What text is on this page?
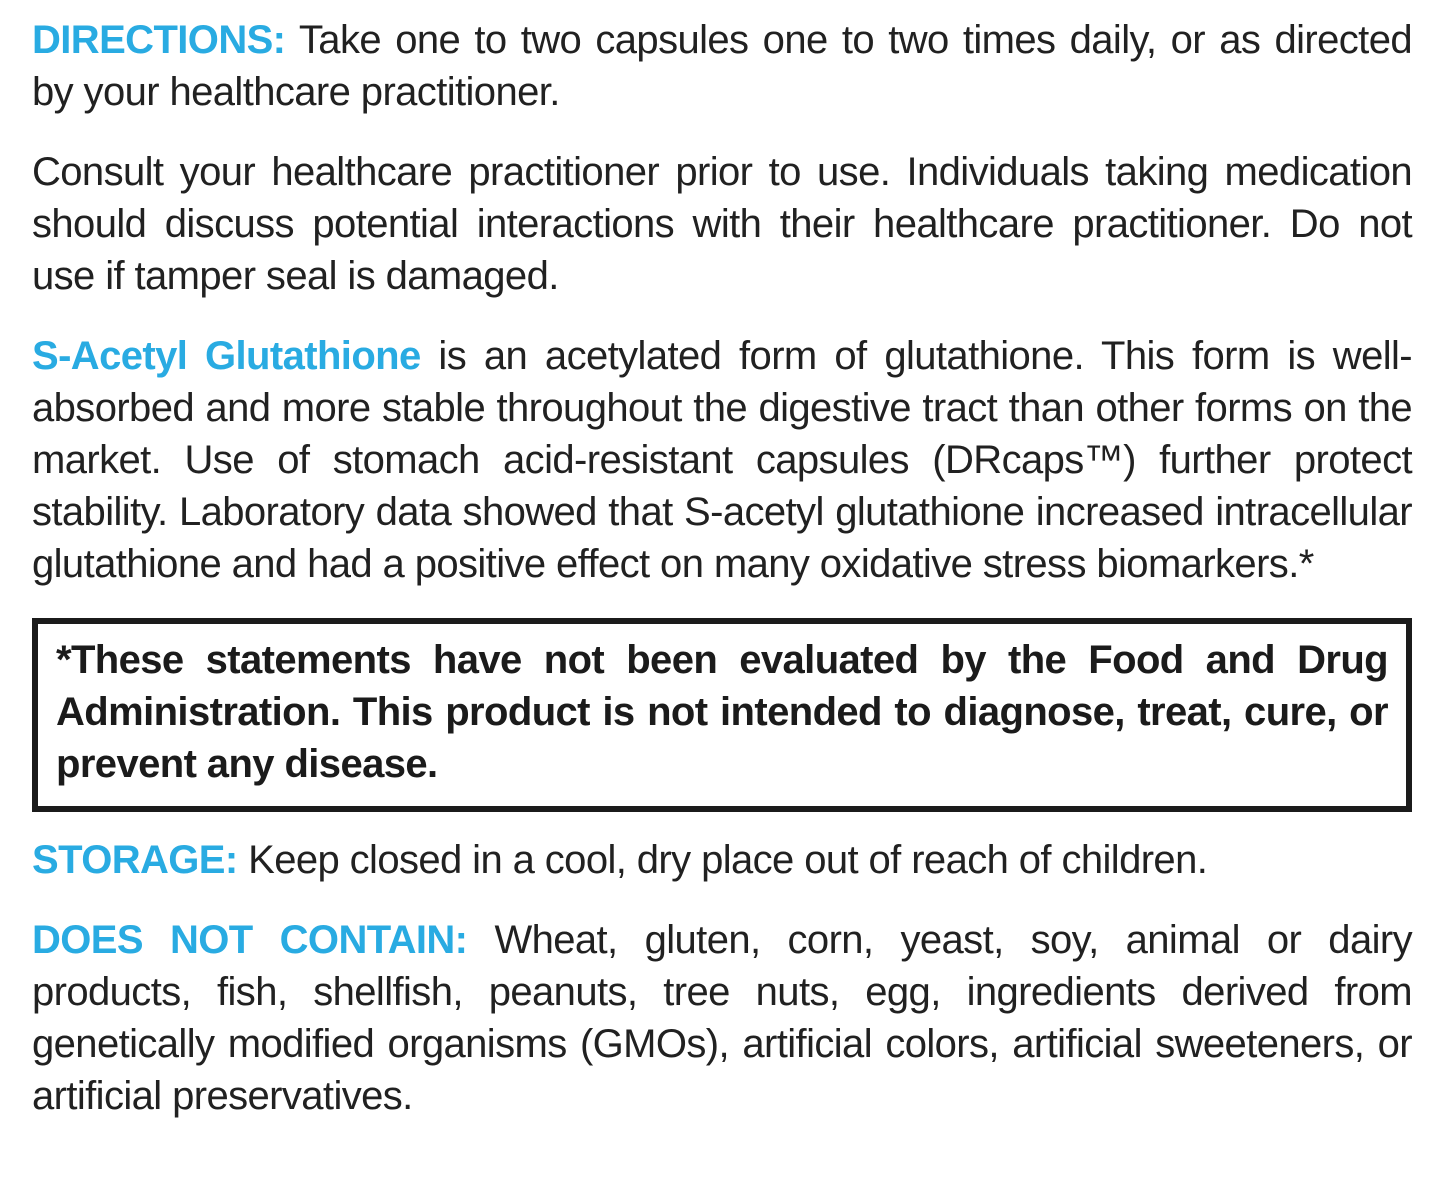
DIRECTIONS: Take one to two capsules one to two times daily, or as directed by your healthcare practitioner.

Consult your healthcare practitioner prior to use. Individuals taking medication should discuss potential interactions with their healthcare practitioner. Do not use if tamper seal is damaged.

S-Acetyl Glutathione is an acetylated form of glutathione. This form is well-absorbed and more stable throughout the digestive tract than other forms on the market. Use of stomach acid-resistant capsules (DRcaps™) further protect stability. Laboratory data showed that S-acetyl glutathione increased intracellular glutathione and had a positive effect on many oxidative stress biomarkers.*

*These statements have not been evaluated by the Food and Drug Administration. This product is not intended to diagnose, treat, cure, or prevent any disease.

STORAGE: Keep closed in a cool, dry place out of reach of children.

DOES NOT CONTAIN: Wheat, gluten, corn, yeast, soy, animal or dairy products, fish, shellfish, peanuts, tree nuts, egg, ingredients derived from genetically modified organisms (GMOs), artificial colors, artificial sweeteners, or artificial preservatives.
